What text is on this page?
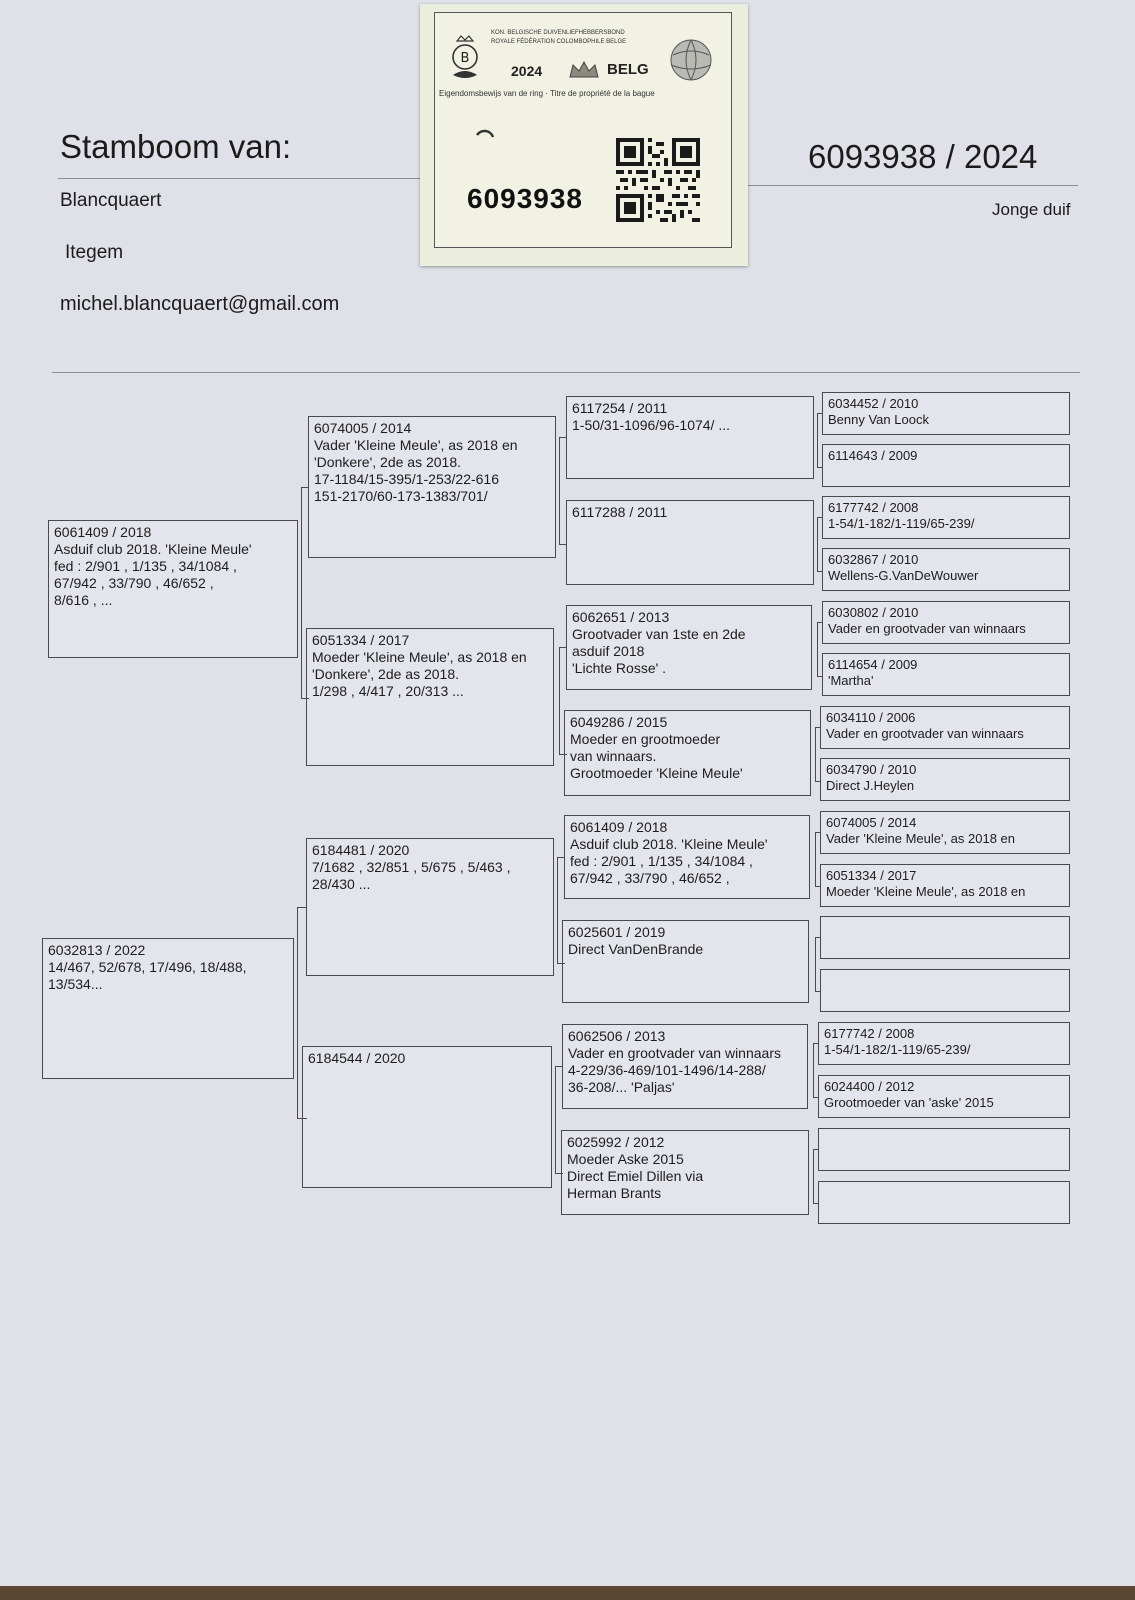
Stamboom van:	6093938 / 2024
Blancquaert
Itegem
michel.blancquaert@gmail.com
Jonge duif
6061409 / 2018
Asduif club 2018. 'Kleine Meule'
fed : 2/901 , 1/135 , 34/1084 ,
67/942 , 33/790 , 46/652 ,
8/616 , ...
6032813 / 2022
14/467, 52/678, 17/496, 18/488,
13/534...
6074005 / 2014
Vader 'Kleine Meule', as 2018 en
'Donkere', 2de as 2018.
17-1184/15-395/1-253/22-616
151-2170/60-173-1383/701/
6051334 / 2017
Moeder 'Kleine Meule', as 2018 en
'Donkere', 2de as 2018.
1/298 , 4/417 , 20/313 ...
6184481 / 2020
7/1682 , 32/851 , 5/675 , 5/463 ,
28/430 ...
6184544 / 2020
6117254 / 2011
1-50/31-1096/96-1074/ ...
6117288 / 2011
6062651 / 2013
Grootvader van 1ste en 2de
asduif 2018
'Lichte Rosse' .
6049286 / 2015
Moeder en grootmoeder
van winnaars.
Grootmoeder 'Kleine Meule'
6061409 / 2018
Asduif club 2018. 'Kleine Meule'
fed : 2/901 , 1/135 , 34/1084 ,
67/942 , 33/790 , 46/652 ,
6025601 / 2019
Direct VanDenBrande
6062506 / 2013
Vader en grootvader van winnaars
4-229/36-469/101-1496/14-288/
36-208/... 'Paljas'
6025992 / 2012
Moeder Aske 2015
Direct Emiel Dillen via
Herman Brants
6034452 / 2010
Benny Van Loock
6114643 / 2009
6177742 / 2008
1-54/1-182/1-119/65-239/
6032867 / 2010
Wellens-G.VanDeWouwer
6030802 / 2010
Vader en grootvader van winnaars
6114654 / 2009
'Martha'
6034110 / 2006
Vader en grootvader van winnaars
6034790 / 2010
Direct J.Heylen
6074005 / 2014
Vader 'Kleine Meule', as 2018 en
6051334 / 2017
Moeder 'Kleine Meule', as 2018 en
6177742 / 2008
1-54/1-182/1-119/65-239/
6024400 / 2012
Grootmoeder van 'aske' 2015
B
KON. BELGISCHE DUIVENLIEFHEBBERSBOND
ROYALE FÉDÉRATION COLOMBOPHILE BELGE
2024	BELG
Eigendomsbewijs van de ring · Titre de propriété de la bague
6093938
